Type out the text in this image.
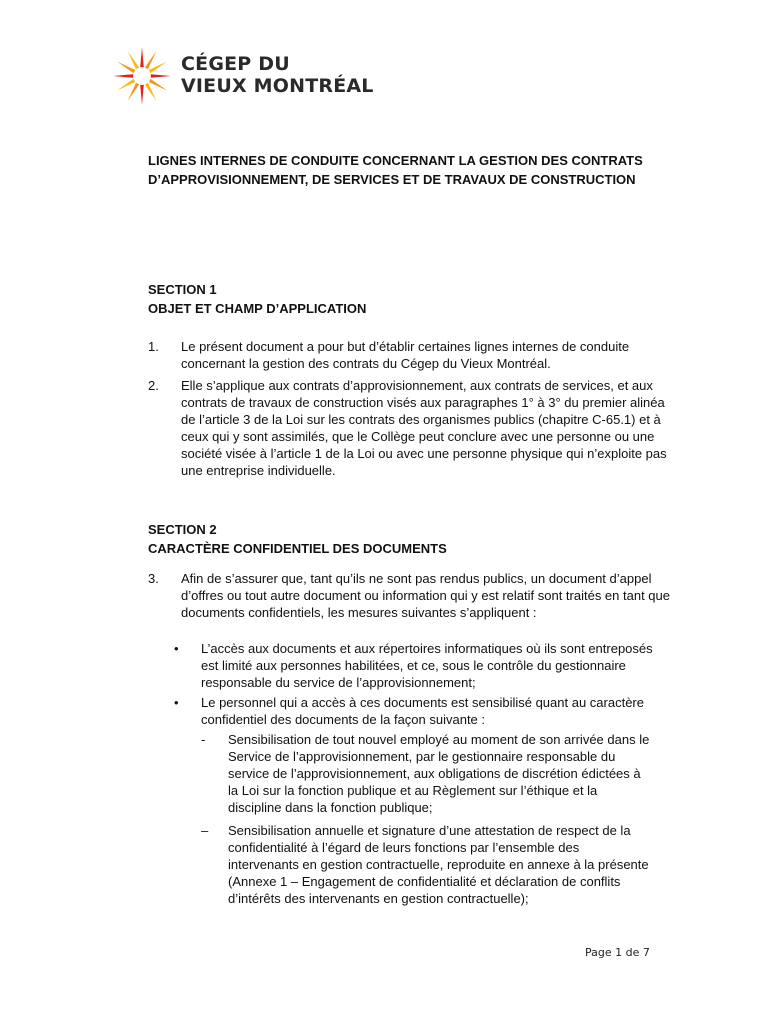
CÉGEP DU
VIEUX MONTRÉAL
LIGNES INTERNES DE CONDUITE CONCERNANT LA GESTION DES CONTRATS D’APPROVISIONNEMENT, DE SERVICES ET DE TRAVAUX DE CONSTRUCTION
SECTION 1
OBJET ET CHAMP D’APPLICATION
1. Le présent document a pour but d’établir certaines lignes internes de conduite concernant la gestion des contrats du Cégep du Vieux Montréal.
2. Elle s’applique aux contrats d’approvisionnement, aux contrats de services, et aux contrats de travaux de construction visés aux paragraphes 1° à 3° du premier alinéa de l’article 3 de la Loi sur les contrats des organismes publics (chapitre C-65.1) et à ceux qui y sont assimilés, que le Collège peut conclure avec une personne ou une société visée à l’article 1 de la Loi ou avec une personne physique qui n’exploite pas une entreprise individuelle.
SECTION 2
CARACTÈRE CONFIDENTIEL DES DOCUMENTS
3. Afin de s’assurer que, tant qu’ils ne sont pas rendus publics, un document d’appel d’offres ou tout autre document ou information qui y est relatif sont traités en tant que documents confidentiels, les mesures suivantes s’appliquent :
• L’accès aux documents et aux répertoires informatiques où ils sont entreposés est limité aux personnes habilitées, et ce, sous le contrôle du gestionnaire responsable du service de l’approvisionnement;
• Le personnel qui a accès à ces documents est sensibilisé quant au caractère confidentiel des documents de la façon suivante :
- Sensibilisation de tout nouvel employé au moment de son arrivée dans le Service de l’approvisionnement, par le gestionnaire responsable du service de l’approvisionnement, aux obligations de discrétion édictées à la Loi sur la fonction publique et au Règlement sur l’éthique et la discipline dans la fonction publique;
– Sensibilisation annuelle et signature d’une attestation de respect de la confidentialité à l’égard de leurs fonctions par l’ensemble des intervenants en gestion contractuelle, reproduite en annexe à la présente (Annexe 1 – Engagement de confidentialité et déclaration de conflits d’intérêts des intervenants en gestion contractuelle);
Page 1 de 7
